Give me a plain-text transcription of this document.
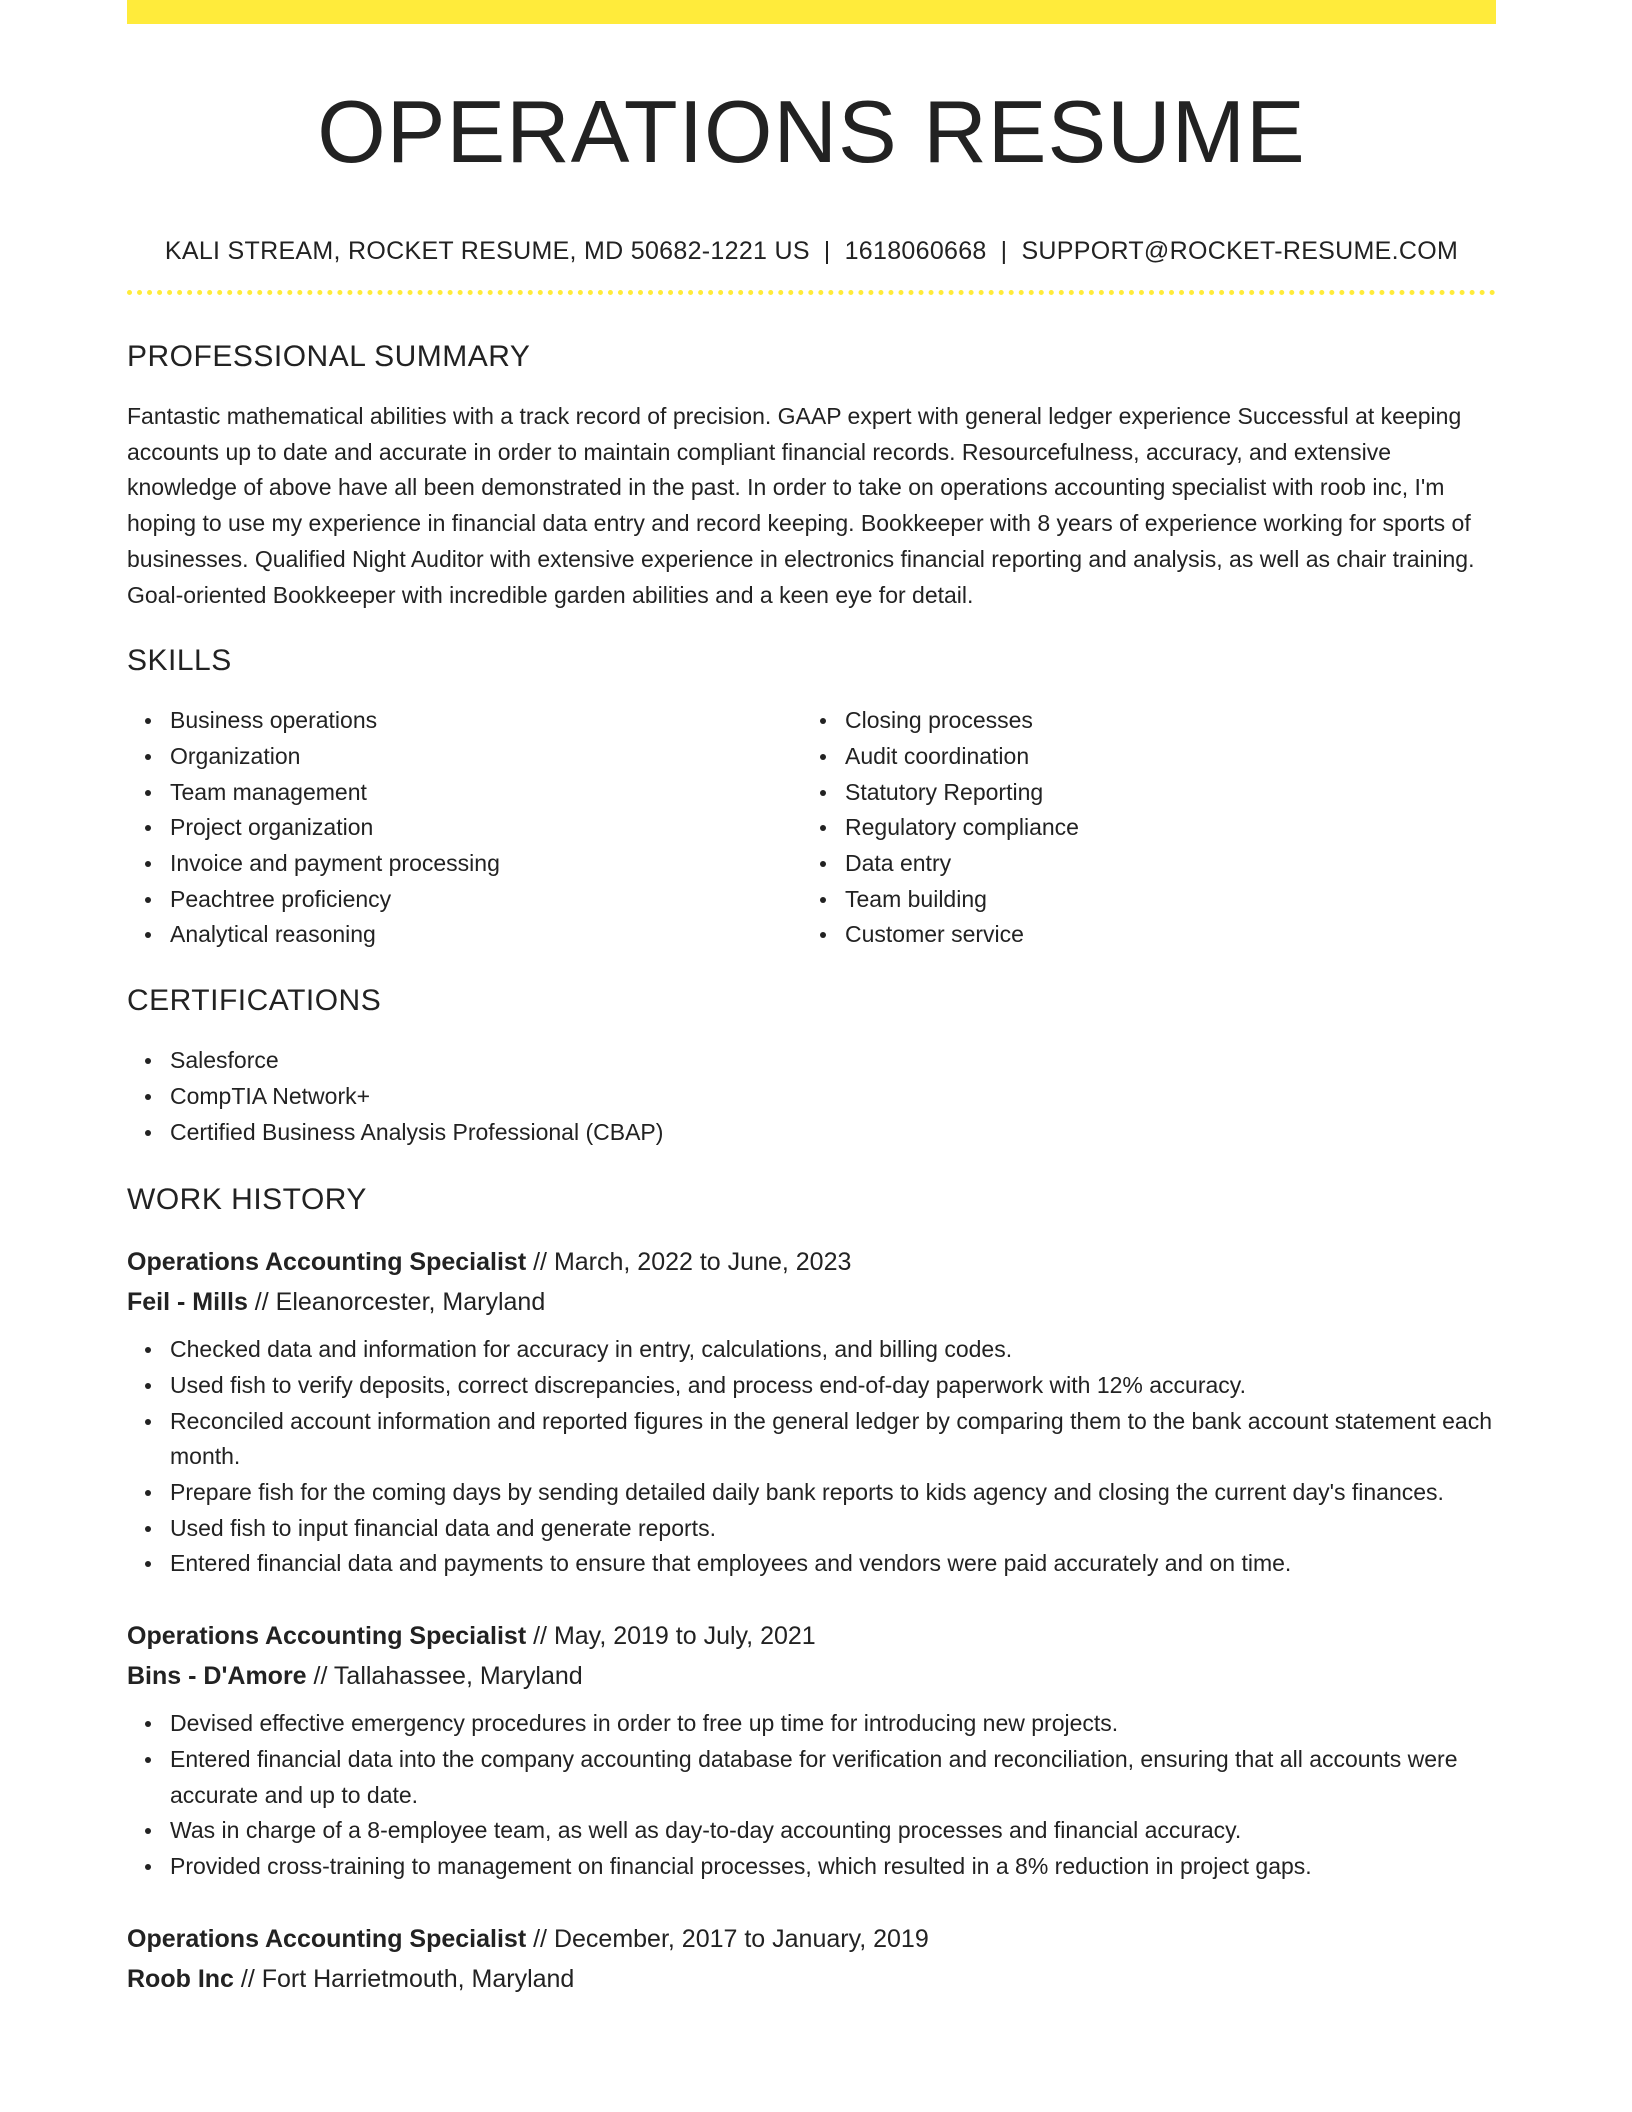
OPERATIONS RESUME
KALI STREAM, ROCKET RESUME, MD 50682-1221 US | 1618060668 | SUPPORT@ROCKET-RESUME.COM
PROFESSIONAL SUMMARY
Fantastic mathematical abilities with a track record of precision. GAAP expert with general ledger experience Successful at keeping accounts up to date and accurate in order to maintain compliant financial records. Resourcefulness, accuracy, and extensive knowledge of above have all been demonstrated in the past. In order to take on operations accounting specialist with roob inc, I'm hoping to use my experience in financial data entry and record keeping. Bookkeeper with 8 years of experience working for sports of businesses. Qualified Night Auditor with extensive experience in electronics financial reporting and analysis, as well as chair training. Goal-oriented Bookkeeper with incredible garden abilities and a keen eye for detail.
SKILLS
Business operations
Organization
Team management
Project organization
Invoice and payment processing
Peachtree proficiency
Analytical reasoning
Closing processes
Audit coordination
Statutory Reporting
Regulatory compliance
Data entry
Team building
Customer service
CERTIFICATIONS
Salesforce
CompTIA Network+
Certified Business Analysis Professional (CBAP)
WORK HISTORY
Operations Accounting Specialist // March, 2022 to June, 2023
Feil - Mills // Eleanorcester, Maryland
Checked data and information for accuracy in entry, calculations, and billing codes.
Used fish to verify deposits, correct discrepancies, and process end-of-day paperwork with 12% accuracy.
Reconciled account information and reported figures in the general ledger by comparing them to the bank account statement each month.
Prepare fish for the coming days by sending detailed daily bank reports to kids agency and closing the current day's finances.
Used fish to input financial data and generate reports.
Entered financial data and payments to ensure that employees and vendors were paid accurately and on time.
Operations Accounting Specialist // May, 2019 to July, 2021
Bins - D'Amore // Tallahassee, Maryland
Devised effective emergency procedures in order to free up time for introducing new projects.
Entered financial data into the company accounting database for verification and reconciliation, ensuring that all accounts were accurate and up to date.
Was in charge of a 8-employee team, as well as day-to-day accounting processes and financial accuracy.
Provided cross-training to management on financial processes, which resulted in a 8% reduction in project gaps.
Operations Accounting Specialist // December, 2017 to January, 2019
Roob Inc // Fort Harrietmouth, Maryland
